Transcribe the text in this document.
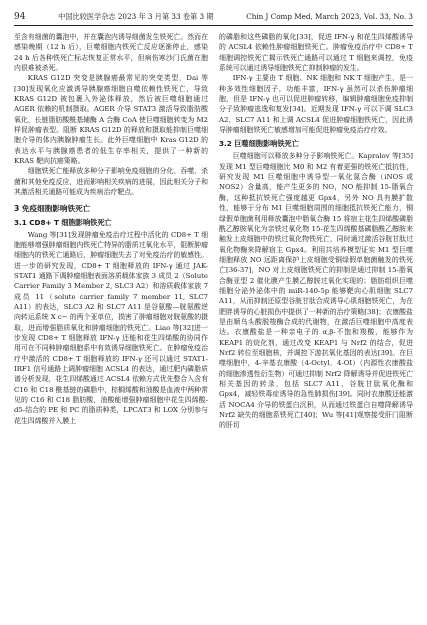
94	中国比较医学杂志 2023 年 3 月第 33 卷第 3 期	Chin J Comp Med, March 2023, Vol. 33, No. 3

至含有细菌的囊泡中，并在囊泡内诱导细菌发生铁死亡。然而在感染晚期（12 h 后），巨噬细胞内铁死亡反应逐渐停止，感染 24 h 后各种铁死亡标志恢复正常水平，但病伤寒沙门氏菌在胞内很难被杀死。

KRAS G12D 突变是胰腺癌最常见的突变类型，Dai 等[30]发现氧化应激诱导胰腺癌细胞自噬依赖性铁死亡，导致 KRAS G12D 被包裹入外泌体释放，然后被巨噬细胞通过 AGER 依赖的机制摄取。AGER 介导 STAT3 激活导致脂肪酸氧化，长链脂肪酸酰基辅酶 A 合酶 CoA 使巨噬细胞转变为 M2 样促肿瘤表型。阻断 KRAS G12D 的释放和摄取能抑制巨噬细胞介导的体内胰腺肿瘤生长。此外巨噬细胞中 Kras G12D 的表达水平与胰腺癌患者的低生存率相关，提供了一种新的 KRAS 靶向抗癌策略。

细胞铁死亡能释放多种分子影响免疫细胞的分化、吞噬、杀菌和其他免疫反应，进而影响相关疾病的进展，因此相关分子和其激活相关通路可能成为疾病治疗靶点。

3 免疫细胞影响铁死亡
3.1 CD8+ T 细胞影响铁死亡

Wang 等[31]发现肿瘤免疫治疗过程中活化的 CD8+ T 细胞能够增强肿瘤细胞内铁死亡特异的脂质过氧化水平，阻断肿瘤细胞内的铁死亡通路后，肿瘤细胞失去了对免疫治疗的敏感性。进一步的研究发现，CD8+ T 细胞释放的 IFN-γ 通过 JAK-STAT1 通路下调肿瘤细胞表面溶质载体家族 3 成员 2（Solute Carrier Family 3 Member 2, SLC3 A2）和溶质载体家族 7 成员 11（solute carrier family 7 member 11, SLC7 A11）的表达，SLC3 A2 和 SLC7 A11 是谷氨酸—胱氨酸逆向转运系统 X c− 的两个亚单位，损害了肿瘤细胞对胱氨酸的摄取，进而增强脂质氧化和肿瘤细胞的铁死亡。Liao 等[32]进一步发现 CD8+ T 细胞释放 IFN-γ 还能和花生四烯酸的协同作用可在不同种肿瘤细胞系中有效诱导细胞铁死亡。在肿瘤免疫治疗中激活的 CD8+ T 细胞释放的 IFN-γ 还可以通过 STAT1-IRF1 信号通路上调肿瘤细胞 ACSL4 的表达，通过肥内磷脂质谱分析发现，花生四烯酸通过 ACSL4 依赖方式优先整合入含有 C16 和 C18 酰基链的磷脂中，棕榈烯酸和油酸是血液中两种常见的 C16 和 C18 脂肪酸，油酸能增强肿瘤细胞中花生四烯酸-d5-结合的 PE 和 PC 的脂质种类，LPCAT3 和 LOX 分别参与花生四烯酸并入膜上

的磷脂和这些磷脂的氧化[33]，促进 IFN-γ 和花生四烯酸诱导的 ACSL4 依赖性肿瘤细胞铁死亡。肿瘤免疫治疗中 CD8+ T 细胞调控铁死亡揭示铁死亡通路可以通过 T 细胞来调控，免疫系统可以通过诱导细胞铁死亡抑制肿瘤的发生。

IFN-γ 主要由 T 细胞、NK 细胞和 NK T 细胞产生，是一种多效性细胞因子，功能丰富，IFN-γ 虽然可以杀伤肿瘤细胞，但是 IFN-γ 也可以促进肿瘤转移，编辑肿瘤细胞免疫抑制分子致肿瘤逃逸和复发[34]。近期发现 IFN-γ 可以下调 SLC3 A2、SLC7 A11 和上调 ACSL4 促进肿瘤细胞铁死亡，因此诱导肿瘤细胞铁死亡敏感增加可能促进肿瘤免疫治疗疗效。

3.2 巨噬细胞影响铁死亡

巨噬细胞可以释放多种分子影响铁死亡。Kapralov 等[35]发现 M1 型巨噬细胞比 M0 和 M2 有着更强的铁死亡抵抗性，研究发现 M1 巨噬细胞中诱导型一氧化氮合酶（iNOS 或 NOS2）含量高，能产生更多的 NO，NO 能抑制 15-脂氧合酶，这种抵抗铁死亡强度越更 Gpx4，另外 NO 具有膜扩散性，能够于分布 M1 巨噬细胞周围的细胞抵抗铁死亡能力，铜绿假单胞菌利用释放囊泡中脂氧合酶 15 将宿主花生四烯酸磷脂酰乙醇胺氧化为亲铁过氧化物 15-花生四烯酸基磷脂酰乙醇胺来触发上皮细胞中的铁过氧化物铁死亡，同时通过激活谷胱甘肽过氧化物酶来降解宿主 Gpx4。利用共培养模型证实 M1 型巨噬细胞释放 NO 远距离保护上皮细胞受铜绿假单胞菌触发的铁死亡[36-37]，NO 对上皮细胞铁死亡的抑制是通过抑制 15-脂氧合酶亚型 2 催化膜产生膜乙醇胺过氧化实现的；脂肪组织巨噬细胞分泌外泌体中的 miR-140-5p 能够靶向心肌细胞 SLC7 A11，从而抑制还原型谷胱甘肽合成诱导心肌细胞铁死亡，为在肥胖诱导的心脏损伤中提供了一种新的治疗策略[38]；衣康酸盐是由顺乌头酸脱羧酶合成的代谢物，在激活巨噬细胞中高度表达。衣康酸盐是一种亲电子的 α,β-不饱和羧酸，能够作为 KEAP1 的烷化剂，通过改变 KEAP1 与 Nrf2 的结合，促进 Nrf2 转位至细胞核，并调控下游抗氧化基因的表达[39]。在巨噬细胞中，4-辛基衣康酸（4-Octyl，4-OI）（内源性衣康酸盐的细胞渗透性衍生物）可通过抑制 Nrf2 降解诱导并促进铁死亡相关基因的转录，包括 SLC7 A11、谷胱甘肽氧化酶和 Gpx4，减轻铁毒症诱导的急性肺损伤[39]。同时衣康酸还能激活 NOCA4 介导的铁蛋白沉积，从而通过铁蛋白自噬降解诱导 Nrf2 缺失的细胞系铁死亡[40]；Wu 等[41]观察接受肝门阻断的肝切
